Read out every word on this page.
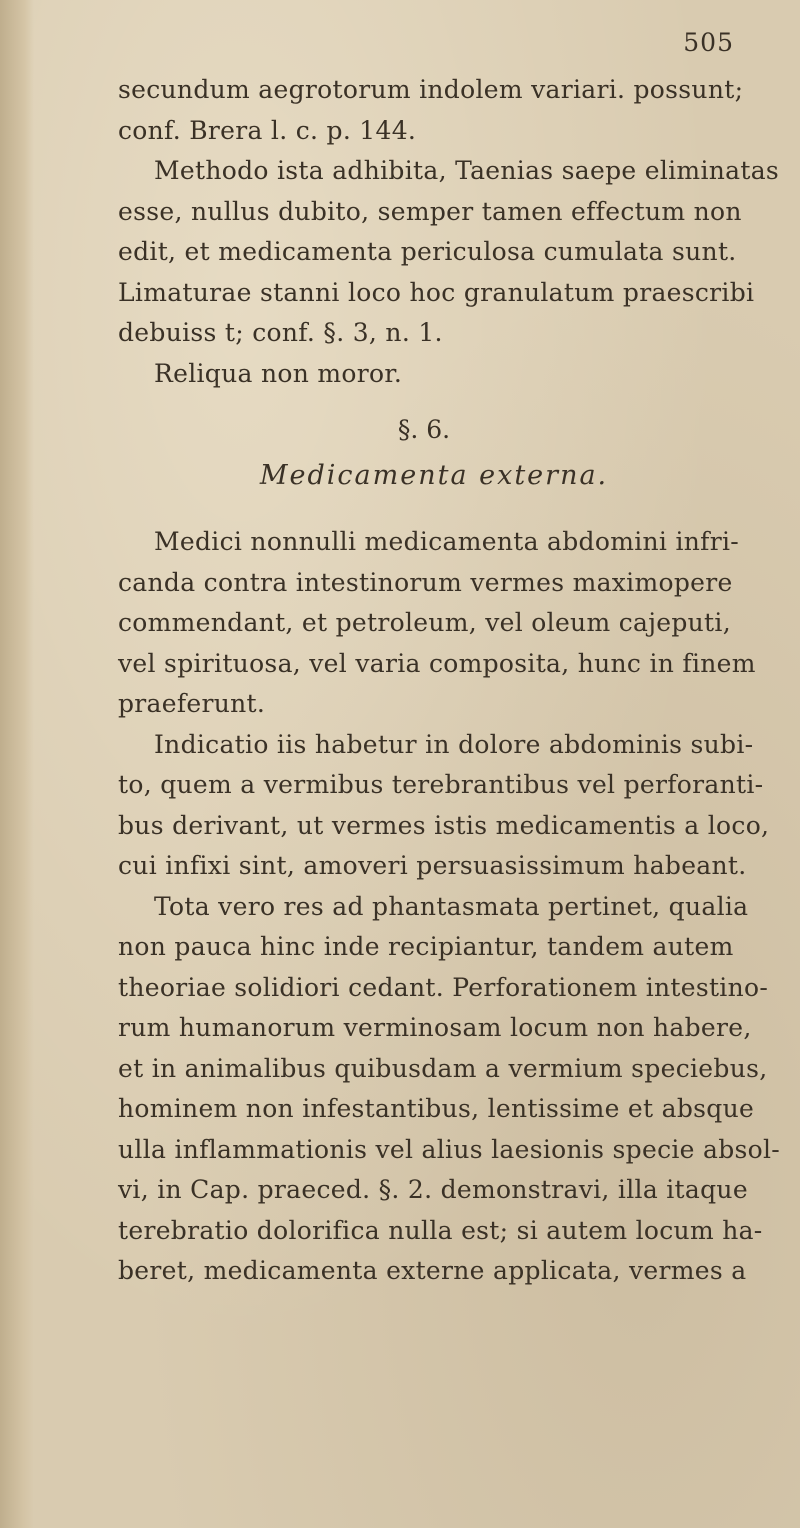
505
secundum aegrotorum indolem variari. possunt;
conf. Brera l. c. p. 144.
Methodo ista adhibita, Taenias saepe eliminatas
esse, nullus dubito, semper tamen effectum non
edit, et medicamenta periculosa cumulata sunt.
Limaturae stanni loco hoc granulatum praescribi
debuiss t; conf. §. 3, n. 1.
Reliqua non moror.
§. 6.
Medicamenta externa.
Medici nonnulli medicamenta abdomini infri-
canda contra intestinorum vermes maximopere
commendant, et petroleum, vel oleum cajeputi,
vel spirituosa, vel varia composita, hunc in finem
praeferunt.
Indicatio iis habetur in dolore abdominis subi-
to, quem a vermibus terebrantibus vel perforanti-
bus derivant, ut vermes istis medicamentis a loco,
cui infixi sint, amoveri persuasissimum habeant.
Tota vero res ad phantasmata pertinet, qualia
non pauca hinc inde recipiantur, tandem autem
theoriae solidiori cedant. Perforationem intestino-
rum humanorum verminosam locum non habere,
et in animalibus quibusdam a vermium speciebus,
hominem non infestantibus, lentissime et absque
ulla inflammationis vel alius laesionis specie absol-
vi, in Cap. praeced. §. 2. demonstravi, illa itaque
terebratio dolorifica nulla est; si autem locum ha-
beret, medicamenta externe applicata, vermes a
